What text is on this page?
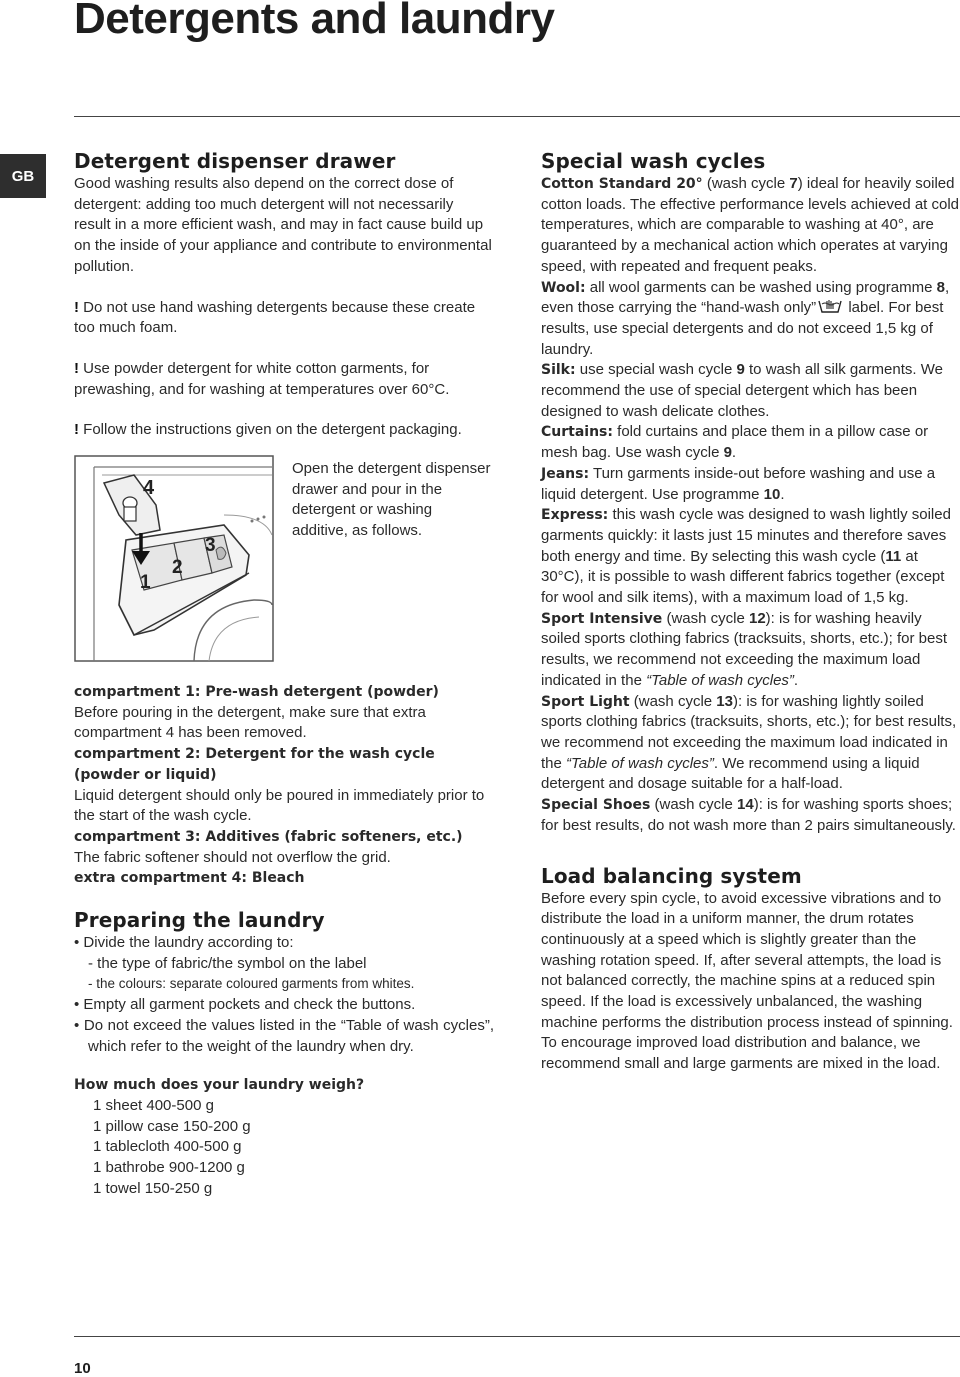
Detergents and laundry
GB
Detergent dispenser drawer

Good washing results also depend on the correct dose of detergent: adding too much detergent will not necessarily result in a more efficient wash, and may in fact cause build up on the inside of your appliance and contribute to environmental pollution.

! Do not use hand washing detergents because these create too much foam.

! Use powder detergent for white cotton garments, for prewashing, and for washing at temperatures over 60°C.

! Follow the instructions given on the detergent packaging.

4
1
2
3

Open the detergent dispenser drawer and pour in the detergent or washing additive, as follows.

compartment 1: Pre-wash detergent (powder)
Before pouring in the detergent, make sure that extra compartment 4 has been removed.

compartment 2: Detergent for the wash cycle (powder or liquid)
Liquid detergent should only be poured in immediately prior to the start of the wash cycle.

compartment 3: Additives (fabric softeners, etc.)
The fabric softener should not overflow the grid.

extra compartment 4: Bleach

Preparing the laundry

• Divide the laundry according to:

- the type of fabric/the symbol on the label

- the colours: separate coloured garments from whites.

• Empty all garment pockets and check the buttons.

• Do not exceed the values listed in the “Table of wash cycles”, which refer to the weight of the laundry when dry.

How much does your laundry weigh?

1 sheet 400-500 g

1 pillow case 150-200 g

1 tablecloth 400-500 g

1 bathrobe 900-1200 g

1 towel 150-250 g

Special wash cycles

Cotton Standard 20° (wash cycle 7) ideal for heavily soiled cotton loads. The effective performance levels achieved at cold temperatures, which are comparable to washing at 40°, are guaranteed by a mechanical action which operates at varying speed, with repeated and frequent peaks.

Wool: all wool garments can be washed using programme 8, even those carrying the “hand-wash only” label. For best results, use special detergents and do not exceed 1,5 kg of laundry.

Silk: use special wash cycle 9 to wash all silk garments. We recommend the use of special detergent which has been designed to wash delicate clothes.

Curtains: fold curtains and place them in a pillow case or mesh bag. Use wash cycle 9.

Jeans: Turn garments inside-out before washing and use a liquid detergent. Use programme 10.

Express: this wash cycle was designed to wash lightly soiled garments quickly: it lasts just 15 minutes and therefore saves both energy and time. By selecting this wash cycle (11 at 30°C), it is possible to wash different fabrics together (except for wool and silk items), with a maximum load of 1,5 kg.

Sport Intensive (wash cycle 12): is for washing heavily soiled sports clothing fabrics (tracksuits, shorts, etc.); for best results, we recommend not exceeding the maximum load indicated in the “Table of wash cycles”.

Sport Light (wash cycle 13): is for washing lightly soiled sports clothing fabrics (tracksuits, shorts, etc.); for best results, we recommend not exceeding the maximum load indicated in the “Table of wash cycles”. We recommend using a liquid detergent and dosage suitable for a half-load.

Special Shoes (wash cycle 14): is for washing sports shoes; for best results, do not wash more than 2 pairs simultaneously.

Load balancing system

Before every spin cycle, to avoid excessive vibrations and to distribute the load in a uniform manner, the drum rotates continuously at a speed which is slightly greater than the washing rotation speed. If, after several attempts, the load is not balanced correctly, the machine spins at a reduced spin speed. If the load is excessively unbalanced, the washing machine performs the distribution process instead of spinning. To encourage improved load distribution and balance, we recommend small and large garments are mixed in the load.

10
